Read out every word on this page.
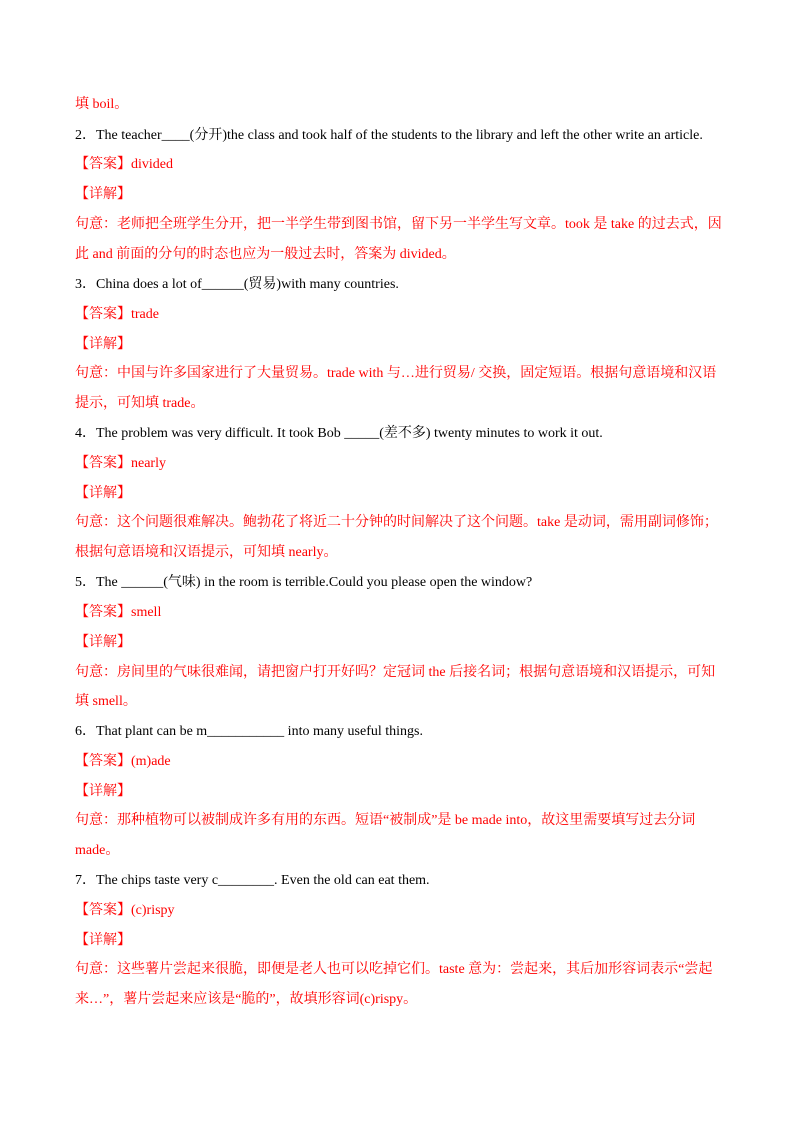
填 boil。
2．The teacher____(分开)the class and took half of the students to the library and left the other write an article.
【答案】divided
【详解】
句意：老师把全班学生分开，把一半学生带到图书馆，留下另一半学生写文章。took 是 take 的过去式，因
此 and 前面的分句的时态也应为一般过去时，答案为 divided。
3．China does a lot of______(贸易)with many countries.
【答案】trade
【详解】
句意：中国与许多国家进行了大量贸易。trade with 与…进行贸易/ 交换，固定短语。根据句意语境和汉语
提示，可知填 trade。
4．The problem was very difficult. It took Bob _____(差不多) twenty minutes to work it out.
【答案】nearly
【详解】
句意：这个问题很难解决。鲍勃花了将近二十分钟的时间解决了这个问题。take 是动词，需用副词修饰；
根据句意语境和汉语提示，可知填 nearly。
5．The ______(气味) in the room is terrible.Could you please open the window?
【答案】smell
【详解】
句意：房间里的气味很难闻，请把窗户打开好吗？定冠词 the 后接名词；根据句意语境和汉语提示，可知
填 smell。
6．That plant can be m___________ into many useful things.
【答案】(m)ade
【详解】
句意：那种植物可以被制成许多有用的东西。短语“被制成”是 be made into，故这里需要填写过去分词
made。
7．The chips taste very c________. Even the old can eat them.
【答案】(c)rispy
【详解】
句意：这些薯片尝起来很脆，即便是老人也可以吃掉它们。taste 意为：尝起来，其后加形容词表示“尝起
来…”，薯片尝起来应该是“脆的”，故填形容词(c)rispy。
